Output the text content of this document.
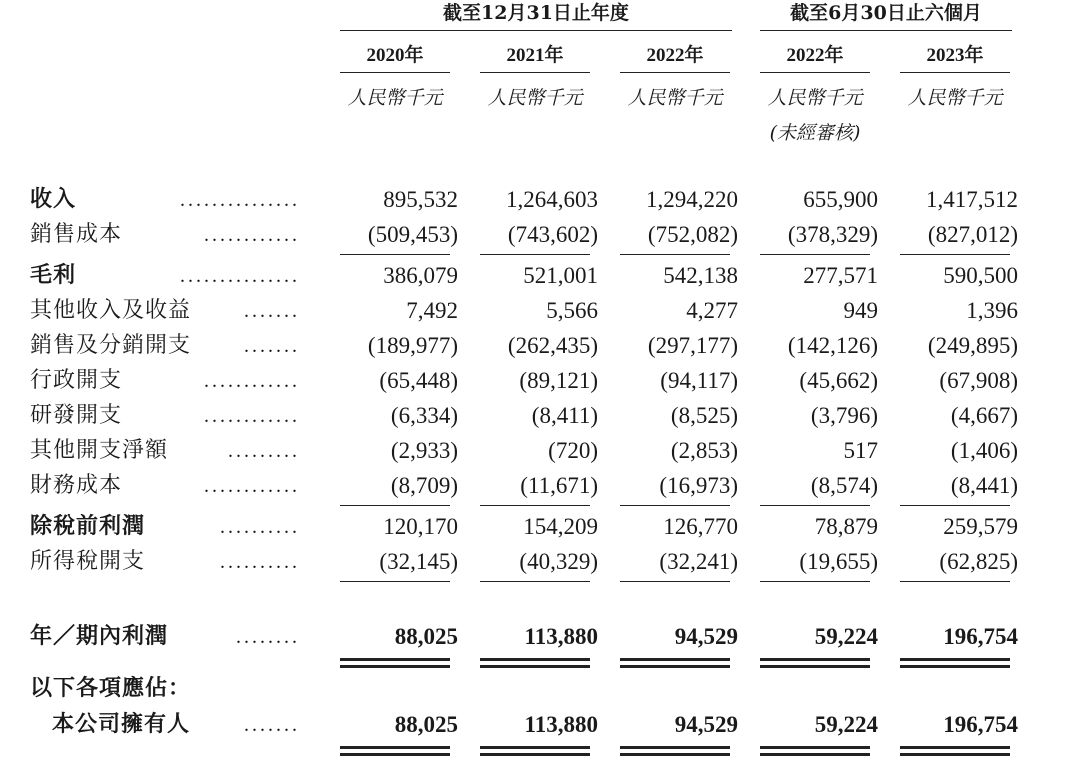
截至12月31日止年度	截至6月30日止六個月
2020年	2021年	2022年	2022年	2023年
人民幣千元	人民幣千元	人民幣千元	人民幣千元	人民幣千元
(未經審核)
收入	...............	895,532	1,264,603	1,294,220	655,900	1,417,512
銷售成本	............	(509,453)	(743,602)	(752,082)	(378,329)	(827,012)
毛利	...............	386,079	521,001	542,138	277,571	590,500
其他收入及收益	.......	7,492	5,566	4,277	949	1,396
銷售及分銷開支	.......	(189,977)	(262,435)	(297,177)	(142,126)	(249,895)
行政開支	............	(65,448)	(89,121)	(94,117)	(45,662)	(67,908)
研發開支	............	(6,334)	(8,411)	(8,525)	(3,796)	(4,667)
其他開支淨額	.........	(2,933)	(720)	(2,853)	517	(1,406)
財務成本	............	(8,709)	(11,671)	(16,973)	(8,574)	(8,441)
除稅前利潤	..........	120,170	154,209	126,770	78,879	259,579
所得稅開支	..........	(32,145)	(40,329)	(32,241)	(19,655)	(62,825)
年／期內利潤	........	88,025	113,880	94,529	59,224	196,754
以下各項應佔：
本公司擁有人	.......	88,025	113,880	94,529	59,224	196,754
